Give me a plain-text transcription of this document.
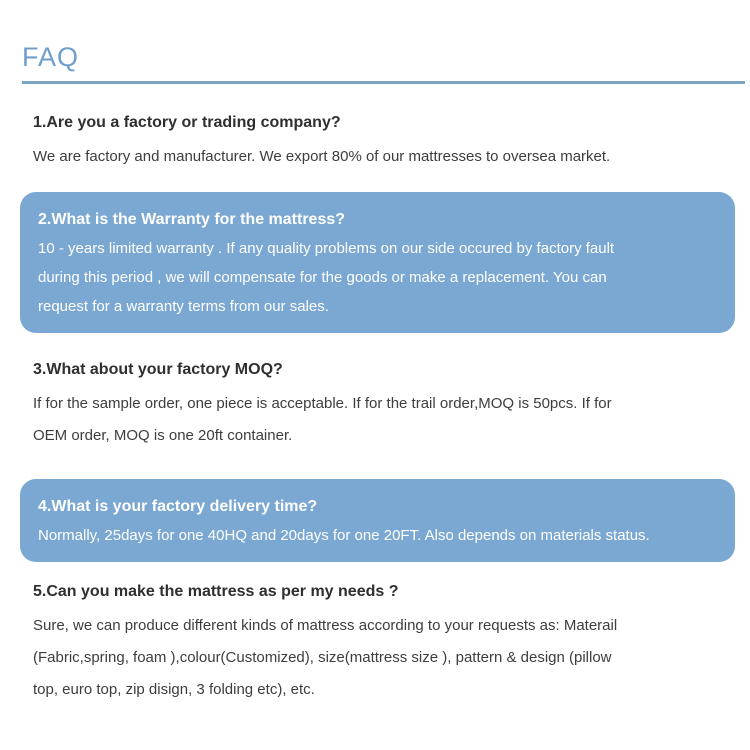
FAQ
1.Are you a factory or trading company?
We are factory and manufacturer. We export 80% of our mattresses to oversea market.
2.What is the Warranty for the mattress?
10 - years limited warranty . If any quality problems on our side occured by factory fault
during this period , we will compensate for the goods or make a replacement. You can
request for a warranty terms from our sales.
3.What about your factory MOQ?
If for the sample order, one piece is acceptable. If for the trail order,MOQ is 50pcs. If for
OEM order, MOQ is one 20ft container.
4.What is your factory delivery time?
Normally, 25days for one 40HQ and 20days for one 20FT. Also depends on materials status.
5.Can you make the mattress as per my needs ?
Sure, we can produce different kinds of mattress according to your requests as: Materail
(Fabric,spring, foam ),colour(Customized), size(mattress size ), pattern & design (pillow
top, euro top, zip disign, 3 folding etc), etc.
